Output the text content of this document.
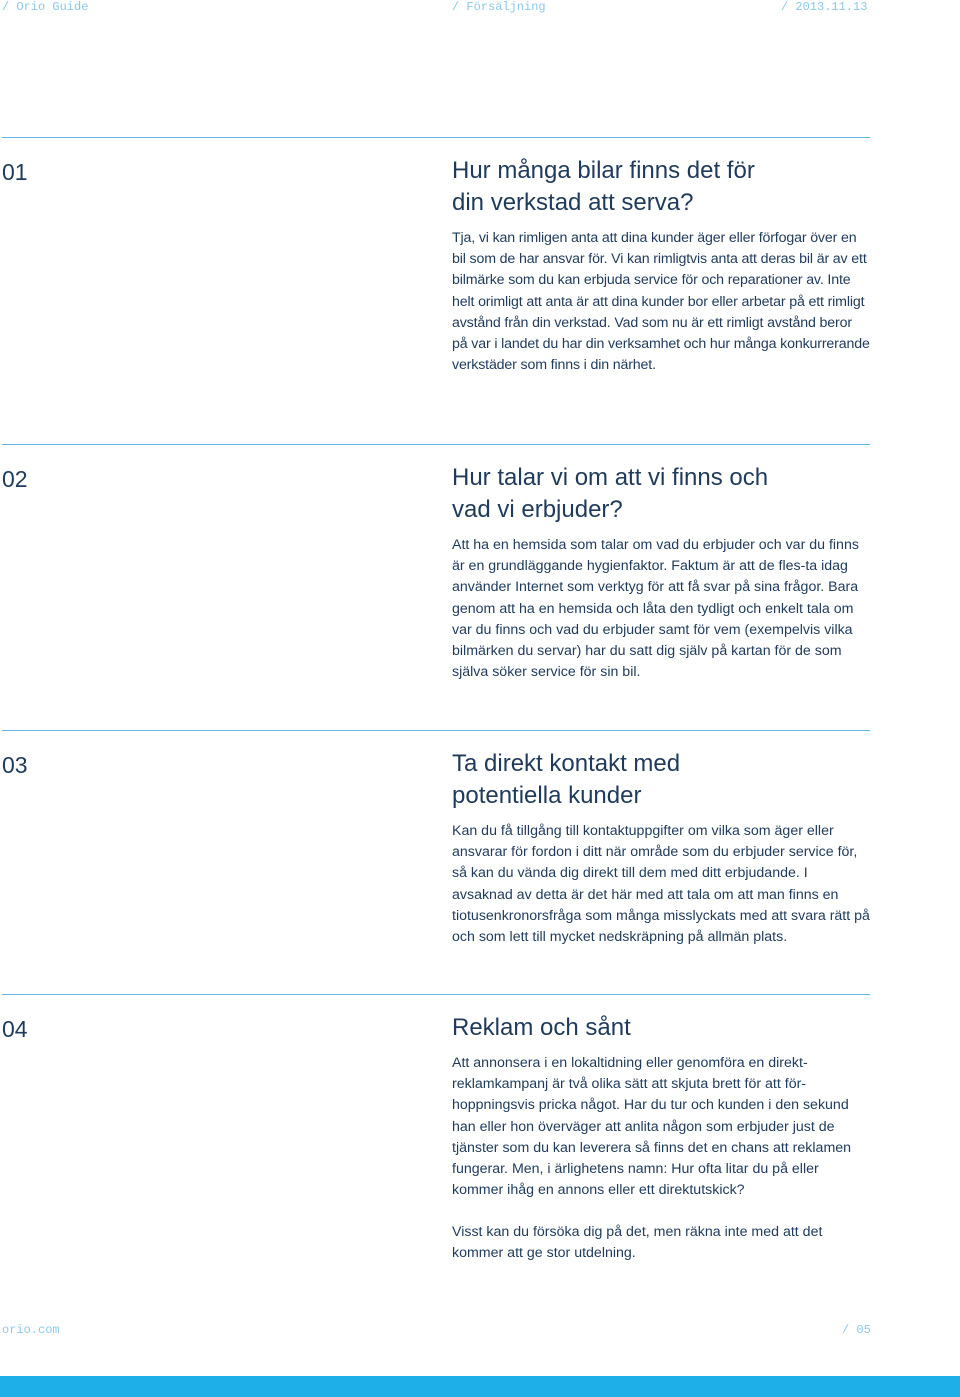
/ Orio Guide	/ Försäljning	/ 2013.11.13
01	Hur många bilar finns det för
din verkstad att serva?

Tja, vi kan rimligen anta att dina kunder äger eller förfogar över en bil som de har ansvar för. Vi kan rimligtvis anta att deras bil är av ett bilmärke som du kan erbjuda service för och reparationer av. Inte helt orimligt att anta är att dina kunder bor eller arbetar på ett rimligt avstånd från din verkstad. Vad som nu är ett rimligt avstånd beror på var i landet du har din verksamhet och hur många konkurrerande verkstäder som finns i din närhet.

02	Hur talar vi om att vi finns och
vad vi erbjuder?

Att ha en hemsida som talar om vad du erbjuder och var du finns är en grundläggande hygienfaktor. Faktum är att de fles-ta idag använder Internet som verktyg för att få svar på sina frågor. Bara genom att ha en hemsida och låta den tydligt och enkelt tala om var du finns och vad du erbjuder samt för vem (exempelvis vilka bilmärken du servar) har du satt dig själv på kartan för de som själva söker service för sin bil.

03	Ta direkt kontakt med
potentiella kunder

Kan du få tillgång till kontaktuppgifter om vilka som äger eller ansvarar för fordon i ditt när område som du erbjuder service för, så kan du vända dig direkt till dem med ditt erbjudande. I avsaknad av detta är det här med att tala om att man finns en tiotusenkronorsfråga som många misslyckats med att svara rätt på och som lett till mycket nedskräpning på allmän plats.

04	Reklam och sånt

Att annonsera i en lokaltidning eller genomföra en direkt-reklamkampanj är två olika sätt att skjuta brett för att för-hoppningsvis pricka något. Har du tur och kunden i den sekund han eller hon överväger att anlita någon som erbjuder just de tjänster som du kan leverera så finns det en chans att reklamen fungerar. Men, i ärlighetens namn: Hur ofta litar du på eller kommer ihåg en annons eller ett direktutskick?

Visst kan du försöka dig på det, men räkna inte med att det kommer att ge stor utdelning.

orio.com	/ 05
